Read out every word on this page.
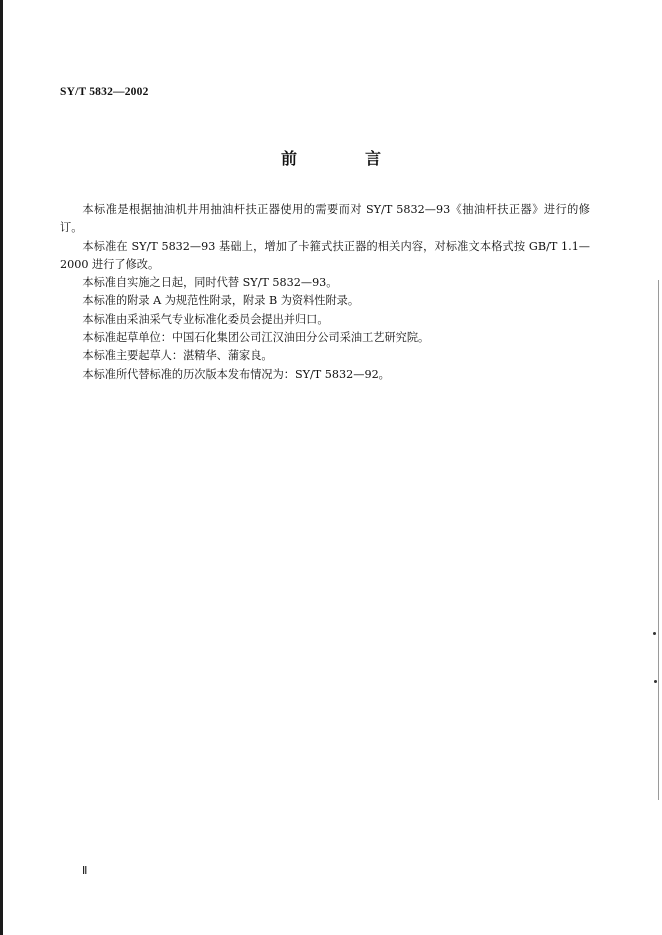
SY/T 5832—2002
前　言

本标准是根据抽油机井用抽油杆扶正器使用的需要而对 SY/T 5832—93《抽油杆扶正器》进行的修订。

本标准在 SY/T 5832—93 基础上，增加了卡箍式扶正器的相关内容，对标准文本格式按 GB/T 1.1—2000 进行了修改。

本标准自实施之日起，同时代替 SY/T 5832—93。

本标准的附录 A 为规范性附录，附录 B 为资料性附录。

本标准由采油采气专业标准化委员会提出并归口。

本标准起草单位：中国石化集团公司江汉油田分公司采油工艺研究院。

本标准主要起草人：湛精华、蒲家良。

本标准所代替标准的历次版本发布情况为：SY/T 5832—92。

Ⅱ
